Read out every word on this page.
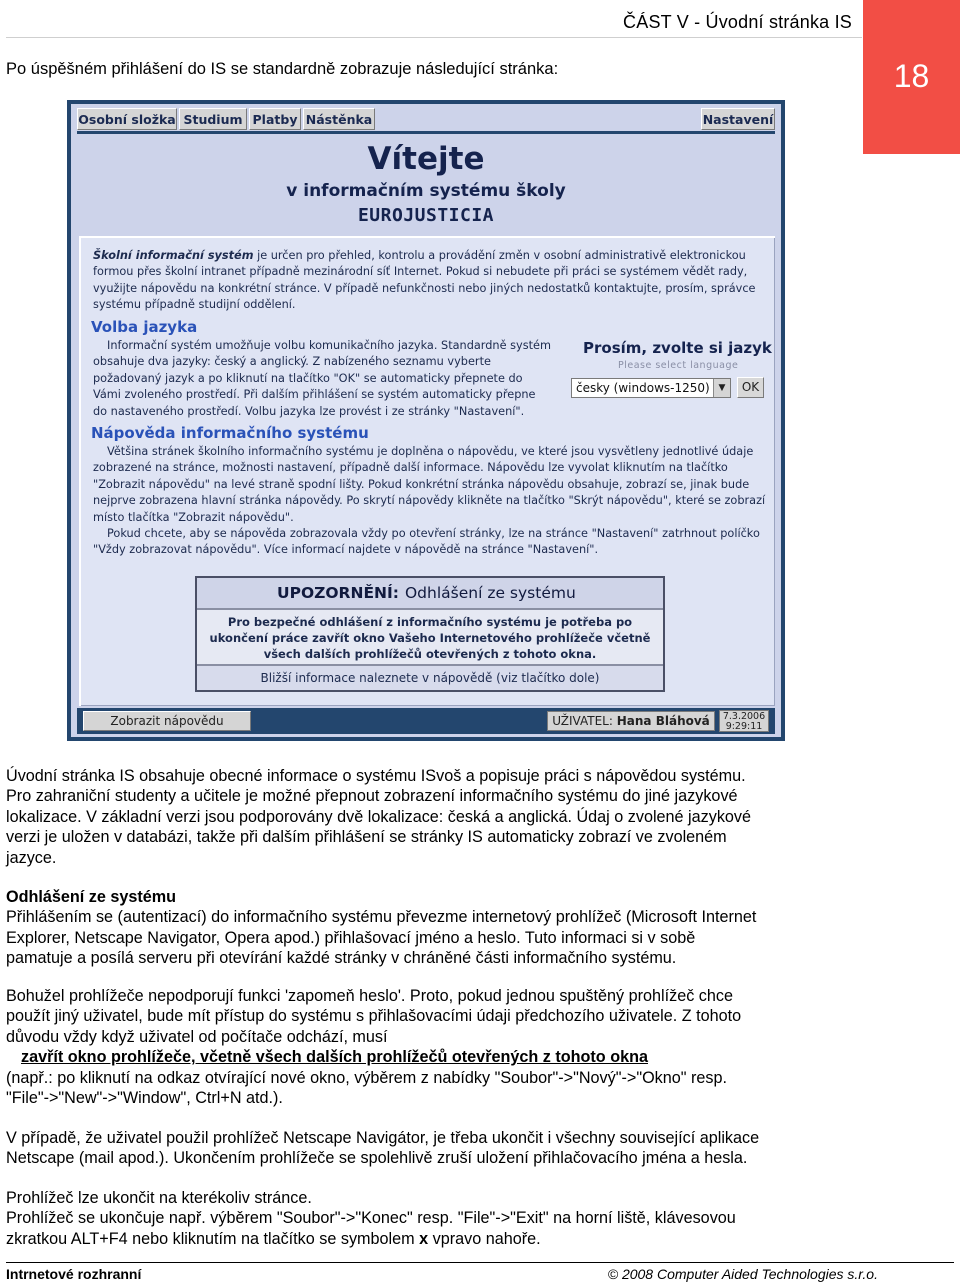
ČÁST V - Úvodní stránka IS
18
Po úspěšném přihlášení do IS se standardně zobrazuje následující stránka:
Osobní složka Studium Platby Nástěnka	Nastavení
Vítejte
v informačním systému školy
EUROJUSTICIA
Školní informační systém je určen pro přehled, kontrolu a provádění změn v osobní administrativě elektronickou formou přes školní intranet případně mezinárodní síť Internet. Pokud si nebudete při práci se systémem vědět rady, využijte nápovědu na konkrétní stránce. V případě nefunkčnosti nebo jiných nedostatků kontaktujte, prosím, správce systému případně studijní oddělení.
Volba jazyka
Informační systém umožňuje volbu komunikačního jazyka. Standardně systém obsahuje dva jazyky: český a anglický. Z nabízeného seznamu vyberte požadovaný jazyk a po kliknutí na tlačítko "OK" se automaticky přepnete do Vámi zvoleného prostředí. Při dalším přihlášení se systém automaticky přepne do nastaveného prostředí. Volbu jazyka lze provést i ze stránky "Nastavení".
Prosím, zvolte si jazyk
Please select language
česky (windows-1250) ▼	OK
Nápověda informačního systému
Většina stránek školního informačního systému je doplněna o nápovědu, ve které jsou vysvětleny jednotlivé údaje zobrazené na stránce, možnosti nastavení, případně další informace. Nápovědu lze vyvolat kliknutím na tlačítko "Zobrazit nápovědu" na levé straně spodní lišty. Pokud konkrétní stránka nápovědu obsahuje, zobrazí se, jinak bude nejprve zobrazena hlavní stránka nápovědy. Po skrytí nápovědy klikněte na tlačítko "Skrýt nápovědu", které se zobrazí místo tlačítka "Zobrazit nápovědu".
Pokud chcete, aby se nápověda zobrazovala vždy po otevření stránky, lze na stránce "Nastavení" zatrhnout políčko "Vždy zobrazovat nápovědu". Více informací najdete v nápovědě na stránce "Nastavení".
UPOZORNĚNÍ: Odhlášení ze systému
Pro bezpečné odhlášení z informačního systému je potřeba po ukončení práce zavřít okno Vašeho Internetového prohlížeče včetně všech dalších prohlížečů otevřených z tohoto okna.
Bližší informace naleznete v nápovědě (viz tlačítko dole)
Zobrazit nápovědu	UŽIVATEL: Hana Bláhová	7.3.2006
9:29:11

Úvodní stránka IS obsahuje obecné informace o systému ISvoš a popisuje práci s nápovědou systému.

Pro zahraniční studenty a učitele je možné přepnout zobrazení informačního systému do jiné jazykové

lokalizace. V základní verzi jsou podporovány dvě lokalizace: česká a anglická. Údaj o zvolené jazykové

verzi je uložen v databázi, takže při dalším přihlášení se stránky IS automaticky zobrazí ve zvoleném

jazyce.

Odhlášení ze systému

Přihlášením se (autentizací) do informačního systému převezme internetový prohlížeč (Microsoft Internet

Explorer, Netscape Navigator, Opera apod.) přihlašovací jméno a heslo. Tuto informaci si v sobě

pamatuje a posílá serveru při otevírání každé stránky v chráněné části informačního systému.

Bohužel prohlížeče nepodporují funkci 'zapomeň heslo'. Proto, pokud jednou spuštěný prohlížeč chce

použít jiný uživatel, bude mít přístup do systému s přihlašovacími údaji předchozího uživatele. Z tohoto

důvodu vždy když uživatel od počítače odchází, musí

zavřít okno prohlížeče, včetně všech dalších prohlížečů otevřených z tohoto okna

(např.: po kliknutí na odkaz otvírající nové okno, výběrem z nabídky "Soubor"->"Nový"->"Okno" resp.

"File"->"New"->"Window", Ctrl+N atd.).

V případě, že uživatel použil prohlížeč Netscape Navigátor, je třeba ukončit i všechny související aplikace

Netscape (mail apod.). Ukončením prohlížeče se spolehlivě zruší uložení přihlačovacího jména a hesla.

Prohlížeč lze ukončit na kterékoliv stránce.

Prohlížeč se ukončuje např. výběrem "Soubor"->"Konec" resp. "File"->"Exit" na horní liště, klávesovou

zkratkou ALT+F4 nebo kliknutím na tlačítko se symbolem x vpravo nahoře.

Intrnetové rozhranní	© 2008 Computer Aided Technologies s.r.o.
